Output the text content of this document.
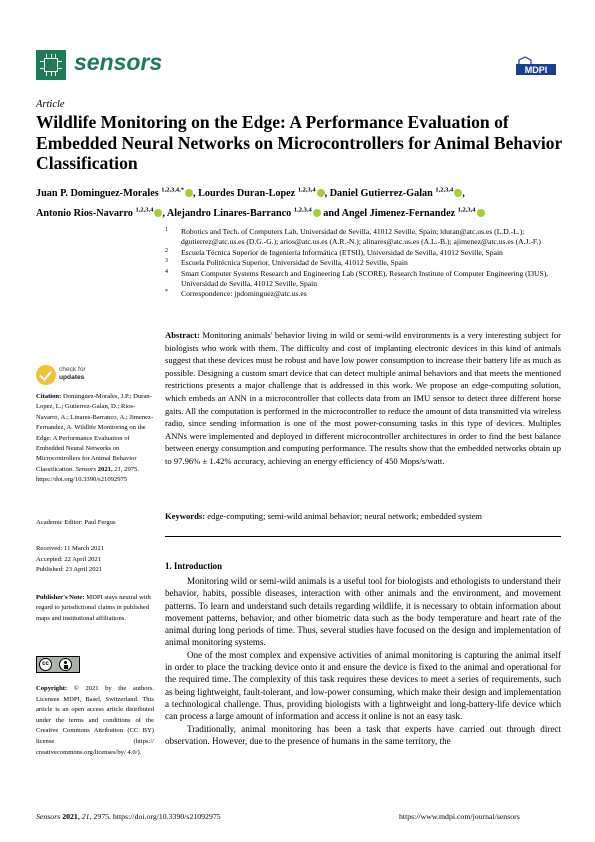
sensors	MDPI
Article
Wildlife Monitoring on the Edge: A Performance Evaluation of Embedded Neural Networks on Microcontrollers for Animal Behavior Classification
Juan P. Dominguez-Morales $^{1,2,3,4,*}$ , Lourdes Duran-Lopez $^{1,2,3,4}$ , Daniel Gutierrez-Galan $^{1,2,3,4}$ ,
Antonio Rios-Navarro $^{1,2,3,4}$ , Alejandro Linares-Barranco $^{1,2,3,4}$ and Angel Jimenez-Fernandez $^{1,2,3,4}$
1 Robotics and Tech. of Computers Lab, Universidad de Sevilla, 41012 Seville, Spain; lduran@atc.us.es (L.D.-L.); dgutierrez@atc.us.es (D.G.-G.); arios@atc.us.es (A.R.-N.); alinares@atc.us.es (A.L.-B.); ajimenez@atc.us.es (A.J.-F.)
2 Escuela Técnica Superior de Ingeniería Informática (ETSII), Universidad de Sevilla, 41012 Seville, Spain
3 Escuela Politécnica Superior, Universidad de Sevilla, 41012 Seville, Spain
4 Smart Computer Systems Research and Engineering Lab (SCORE), Research Institute of Computer Engineering (I3US), Universidad de Sevilla, 41012 Seville, Spain
* Correspondence: jpdominguez@atc.us.es
Abstract: Monitoring animals' behavior living in wild or semi-wild environments is a very interesting subject for biologists who work with them. The difficulty and cost of implanting electronic devices in this kind of animals suggest that these devices must be robust and have low power consumption to increase their battery life as much as possible. Designing a custom smart device that can detect multiple animal behaviors and that meets the mentioned restrictions presents a major challenge that is addressed in this work. We propose an edge-computing solution, which embeds an ANN in a microcontroller that collects data from an IMU sensor to detect three different horse gaits. All the computation is performed in the microcontroller to reduce the amount of data transmitted via wireless radio, since sending information is one of the most power-consuming tasks in this type of devices. Multiples ANNs were implemented and deployed in different microcontroller architectures in order to find the best balance between energy consumption and computing performance. The results show that the embedded networks obtain up to 97.96% ± 1.42% accuracy, achieving an energy efficiency of 450 Mops/s/watt.
Keywords: edge-computing; semi-wild animal behavior; neural network; embedded system
1. Introduction

Monitoring wild or semi-wild animals is a useful tool for biologists and ethologists to understand their behavior, habits, possible diseases, interaction with other animals and the environment, and movement patterns. To learn and understand such details regarding wildlife, it is necessary to obtain information about movement patterns, behavior, and other biometric data such as the body temperature and heart rate of the animal during long periods of time. Thus, several studies have focused on the design and implementation of animal monitoring systems.

One of the most complex and expensive activities of animal monitoring is capturing the animal itself in order to place the tracking device onto it and ensure the device is fixed to the animal and operational for the required time. The complexity of this task requires these devices to meet a series of requirements, such as being lightweight, fault-tolerant, and low-power consuming, which make their design and implementation a technological challenge. Thus, providing biologists with a lightweight and long-battery-life device which can process a large amount of information and access it online is not an easy task.

Traditionally, animal monitoring has been a task that experts have carried out through direct observation. However, due to the presence of humans in the same territory, the

check for
updates
Citation: Dominguez-Morales, J.P.; Duran-Lopez, L.; Gutierrez-Galan, D.; Rios-Navarro, A.; Linares-Barranco, A.; Jimenez-Fernandez, A. Wildlife Monitoring on the Edge: A Performance Evaluation of Embedded Neural Networks on Microcontrollers for Animal Behavior Classification. Sensors 2021, 21, 2975. https://doi.org/10.3390/s21092975
Academic Editor: Paul Fergus
Received: 11 March 2021
Accepted: 22 April 2021
Published: 23 April 2021
Publisher's Note: MDPI stays neutral with regard to jurisdictional claims in published maps and institutional affiliations.
cc
Copyright: © 2021 by the authors. Licensee MDPI, Basel, Switzerland. This article is an open access article distributed under the terms and conditions of the Creative Commons Attribution (CC BY) license (https:// creativecommons.org/licenses/by/ 4.0/).
Sensors 2021, 21, 2975. https://doi.org/10.3390/s21092975	https://www.mdpi.com/journal/sensors
